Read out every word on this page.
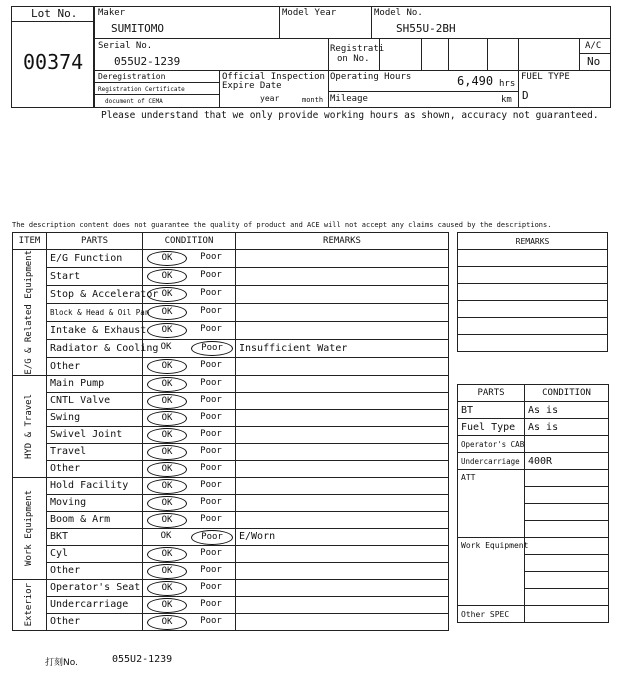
Lot No.
00374
Maker
SUMITOMO
Model Year	Model No.
SH55U-2BH
Serial No.
055U2-1239
Registrati
on No.
A/C
No
Deregistration
Registration Certificate
document of CEMA
Official Inspection
Expire Date
year	month
Operating Hours	6,490 hrs
Mileage	km
FUEL TYPE
D
Please understand that we only provide working hours as shown, accuracy not guaranteed.
The description content does not guarantee the quality of product and ACE will not accept any claims caused by the descriptions.
ITEM	PARTS	CONDITION	REMARKS

E/G & Related Equipment	E/G Function	OK Poor	

	Start	OK Poor	

	Stop & Accelerator	OK Poor	

	Block & Head & Oil Pan	OK Poor	

	Intake & Exhaust	OK Poor	

	Radiator & Cooling	OK Poor	Insufficient Water
	Other	OK Poor	

HYD & Travel	Main Pump	OK Poor	

	CNTL Valve	OK Poor	

	Swing	OK Poor	

	Swivel Joint	OK Poor	

	Travel	OK Poor	

	Other	OK Poor	

Work Equipment	Hold Facility	OK Poor	

	Moving	OK Poor	

	Boom & Arm	OK Poor	

	BKT	OK Poor	E/Worn
	Cyl	OK Poor	

	Other	OK Poor	

Exterior	Operator's Seat	OK Poor	

	Undercarriage	OK Poor	

	Other	OK Poor	

REMARKS

PARTS	CONDITION
BT	As is
Fuel Type	As is
Operator's CAB	
Undercarriage	400R
ATT	

Work Equipment	

Other SPEC	
打刻No.	055U2-1239
